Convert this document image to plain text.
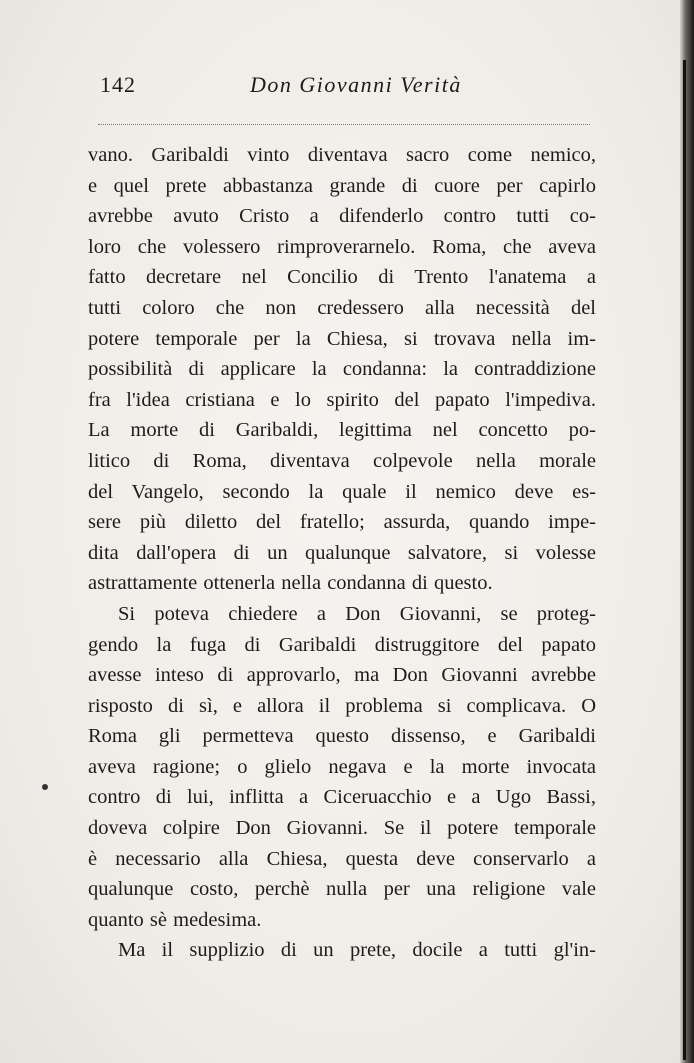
142	Don Giovanni Verità
vano. Garibaldi vinto diventava sacro come nemico,
e quel prete abbastanza grande di cuore per capirlo
avrebbe avuto Cristo a difenderlo contro tutti co-
loro che volessero rimproverarnelo. Roma, che aveva
fatto decretare nel Concilio di Trento l'anatema a
tutti coloro che non credessero alla necessità del
potere temporale per la Chiesa, si trovava nella im-
possibilità di applicare la condanna: la contraddizione
fra l'idea cristiana e lo spirito del papato l'impediva.
La morte di Garibaldi, legittima nel concetto po-
litico di Roma, diventava colpevole nella morale
del Vangelo, secondo la quale il nemico deve es-
sere più diletto del fratello; assurda, quando impe-
dita dall'opera di un qualunque salvatore, si volesse
astrattamente ottenerla nella condanna di questo.
Si poteva chiedere a Don Giovanni, se proteg-
gendo la fuga di Garibaldi distruggitore del papato
avesse inteso di approvarlo, ma Don Giovanni avrebbe
risposto di sì, e allora il problema si complicava. O
Roma gli permetteva questo dissenso, e Garibaldi
aveva ragione; o glielo negava e la morte invocata
contro di lui, inflitta a Ciceruacchio e a Ugo Bassi,
doveva colpire Don Giovanni. Se il potere temporale
è necessario alla Chiesa, questa deve conservarlo a
qualunque costo, perchè nulla per una religione vale
quanto sè medesima.
Ma il supplizio di un prete, docile a tutti gl'in-
